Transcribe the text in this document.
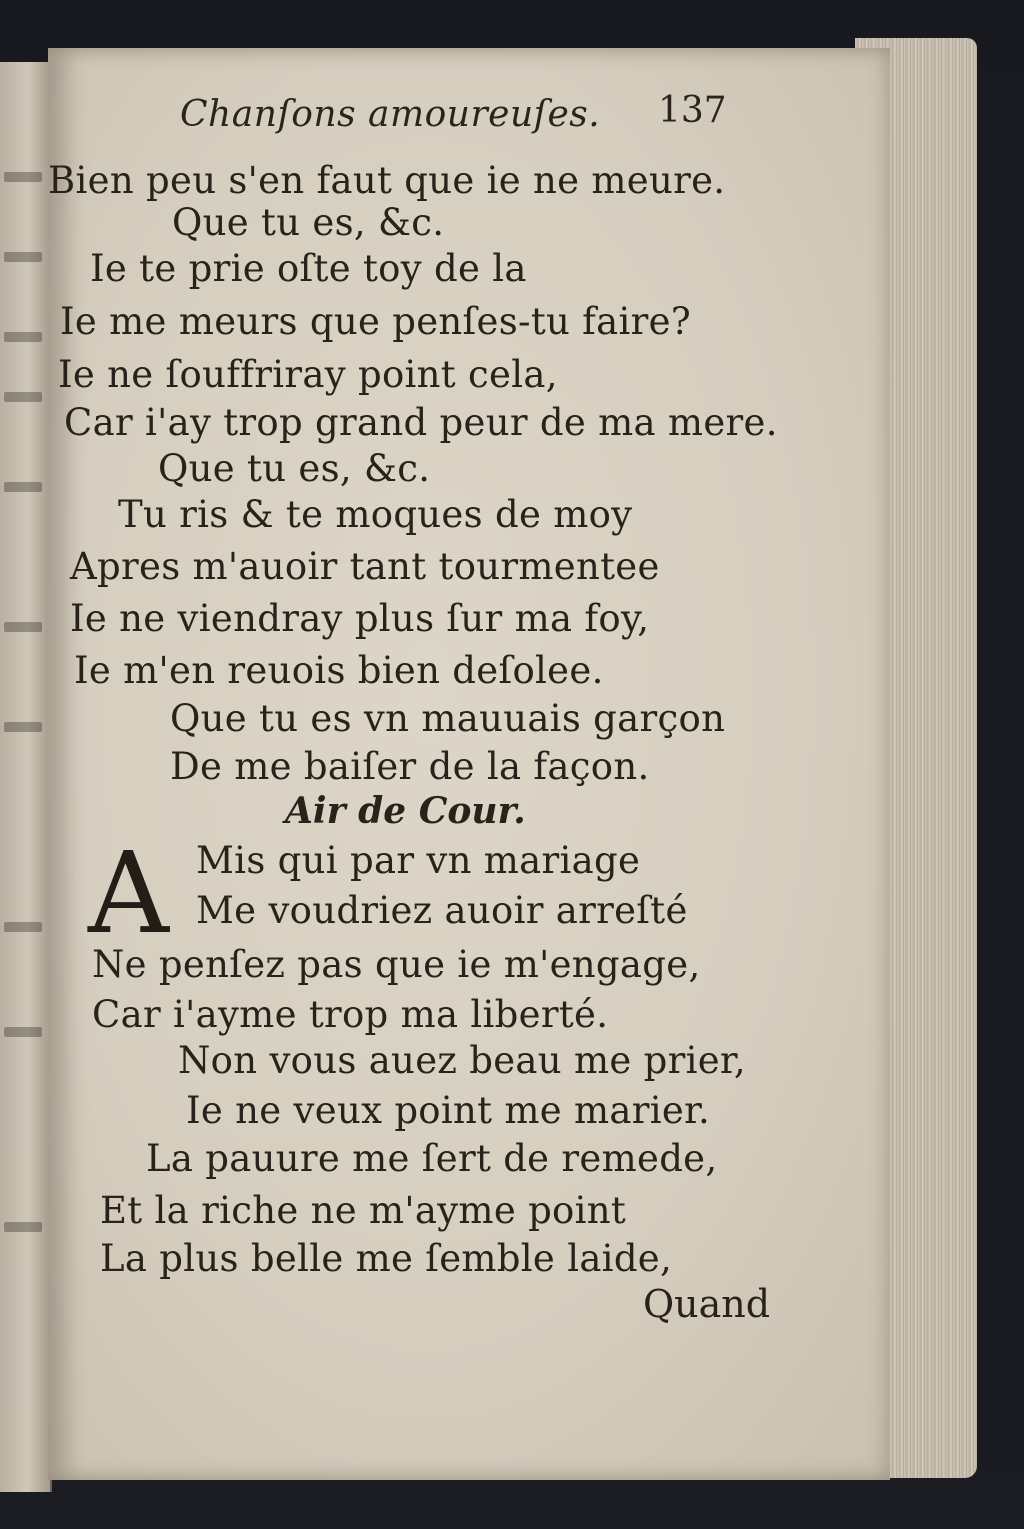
Chanſons amoureuſes. 137
Bien peu s'en faut que ie ne meure.
Que tu es, &c.
Ie te prie oſte toy de la
Ie me meurs que penſes-tu faire?
Ie ne ſouffriray point cela,
Car i'ay trop grand peur de ma mere.
Que tu es, &c.
Tu ris & te moques de moy
Apres m'auoir tant tourmentee
Ie ne viendray plus ſur ma foy,
Ie m'en reuois bien deſolee.
Que tu es vn mauuais garçon
De me baiſer de la façon.
Air de Cour.
A Mis qui par vn mariage
Me voudriez auoir arreſté
Ne penſez pas que ie m'engage,
Car i'ayme trop ma liberté.
Non vous auez beau me prier,
Ie ne veux point me marier.
La pauure me ſert de remede,
Et la riche ne m'ayme point
La plus belle me ſemble laide,
Quand
